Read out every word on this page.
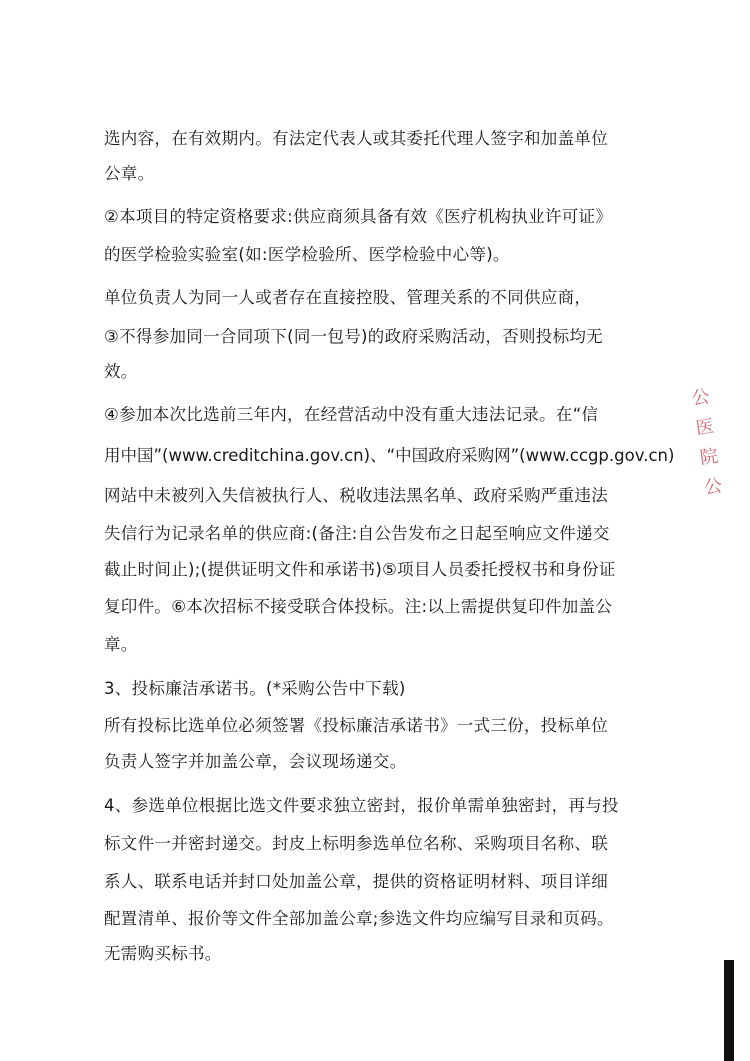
选内容，在有效期内。有法定代表人或其委托代理人签字和加盖单位
公章。
②本项目的特定资格要求:供应商须具备有效《医疗机构执业许可证》
的医学检验实验室(如:医学检验所、医学检验中心等)。
单位负责人为同一人或者存在直接控股、管理关系的不同供应商，
③不得参加同一合同项下(同一包号)的政府采购活动，否则投标均无
效。
④参加本次比选前三年内，在经营活动中没有重大违法记录。在“信
用中国”(www.creditchina.gov.cn)、“中国政府采购网”(www.ccgp.gov.cn)
网站中未被列入失信被执行人、税收违法黑名单、政府采购严重违法
失信行为记录名单的供应商:(备注:自公告发布之日起至响应文件递交
截止时间止);(提供证明文件和承诺书)⑤项目人员委托授权书和身份证
复印件。⑥本次招标不接受联合体投标。注:以上需提供复印件加盖公
章。
3、投标廉洁承诺书。(*采购公告中下载)
所有投标比选单位必须签署《投标廉洁承诺书》一式三份，投标单位
负责人签字并加盖公章，会议现场递交。
4、参选单位根据比选文件要求独立密封，报价单需单独密封，再与投
标文件一并密封递交。封皮上标明参选单位名称、采购项目名称、联
系人、联系电话并封口处加盖公章，提供的资格证明材料、项目详细
配置清单、报价等文件全部加盖公章;参选文件均应编写目录和页码。
无需购买标书。
公
医
院
公
